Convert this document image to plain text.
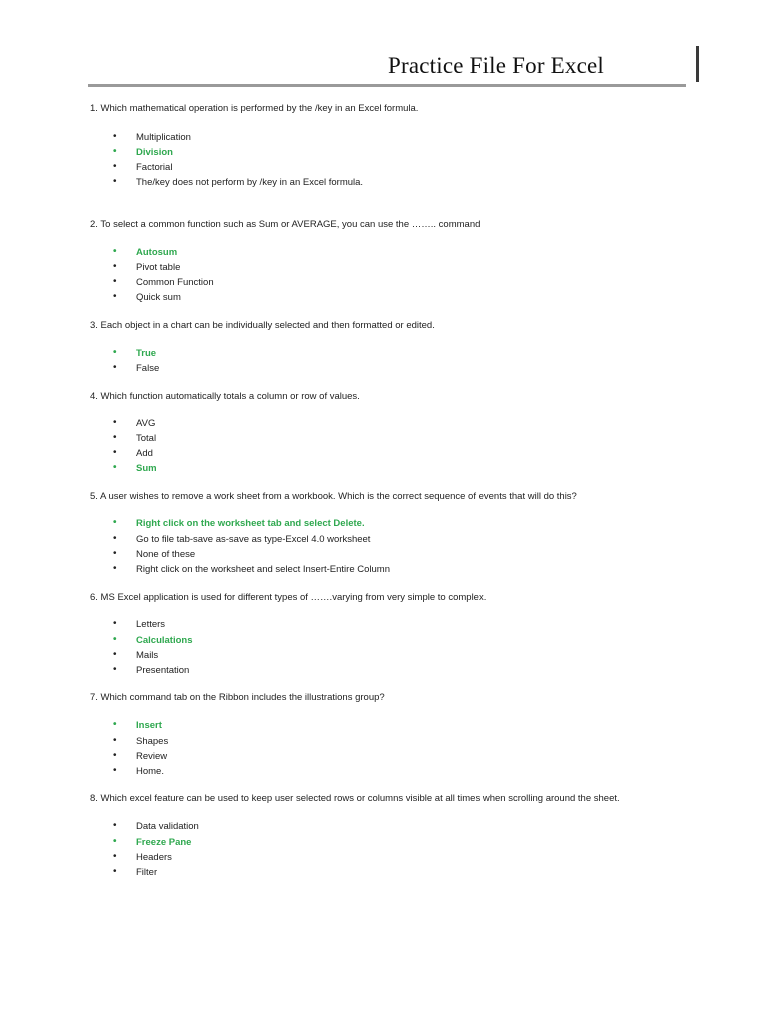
Practice File For Excel
1. Which mathematical operation is performed by the /key in an Excel formula.
• Multiplication
• Division
• Factorial
• The/key does not perform by /key in an Excel formula.
2. To select a common function such as Sum or AVERAGE, you can use the …….. command
• Autosum
• Pivot table
• Common Function
• Quick sum
3. Each object in a chart can be individually selected and then formatted or edited.
• True
• False
4. Which function automatically totals a column or row of values.
• AVG
• Total
• Add
• Sum
5. A user wishes to remove a work sheet from a workbook. Which is the correct sequence of events that will do this?
• Right click on the worksheet tab and select Delete.
• Go to file tab-save as-save as type-Excel 4.0 worksheet
• None of these
• Right click on the worksheet and select Insert-Entire Column
6. MS Excel application is used for different types of …….varying from very simple to complex.
• Letters
• Calculations
• Mails
• Presentation
7. Which command tab on the Ribbon includes the illustrations group?
• Insert
• Shapes
• Review
• Home.
8. Which excel feature can be used to keep user selected rows or columns visible at all times when scrolling around the sheet.
• Data validation
• Freeze Pane
• Headers
• Filter
